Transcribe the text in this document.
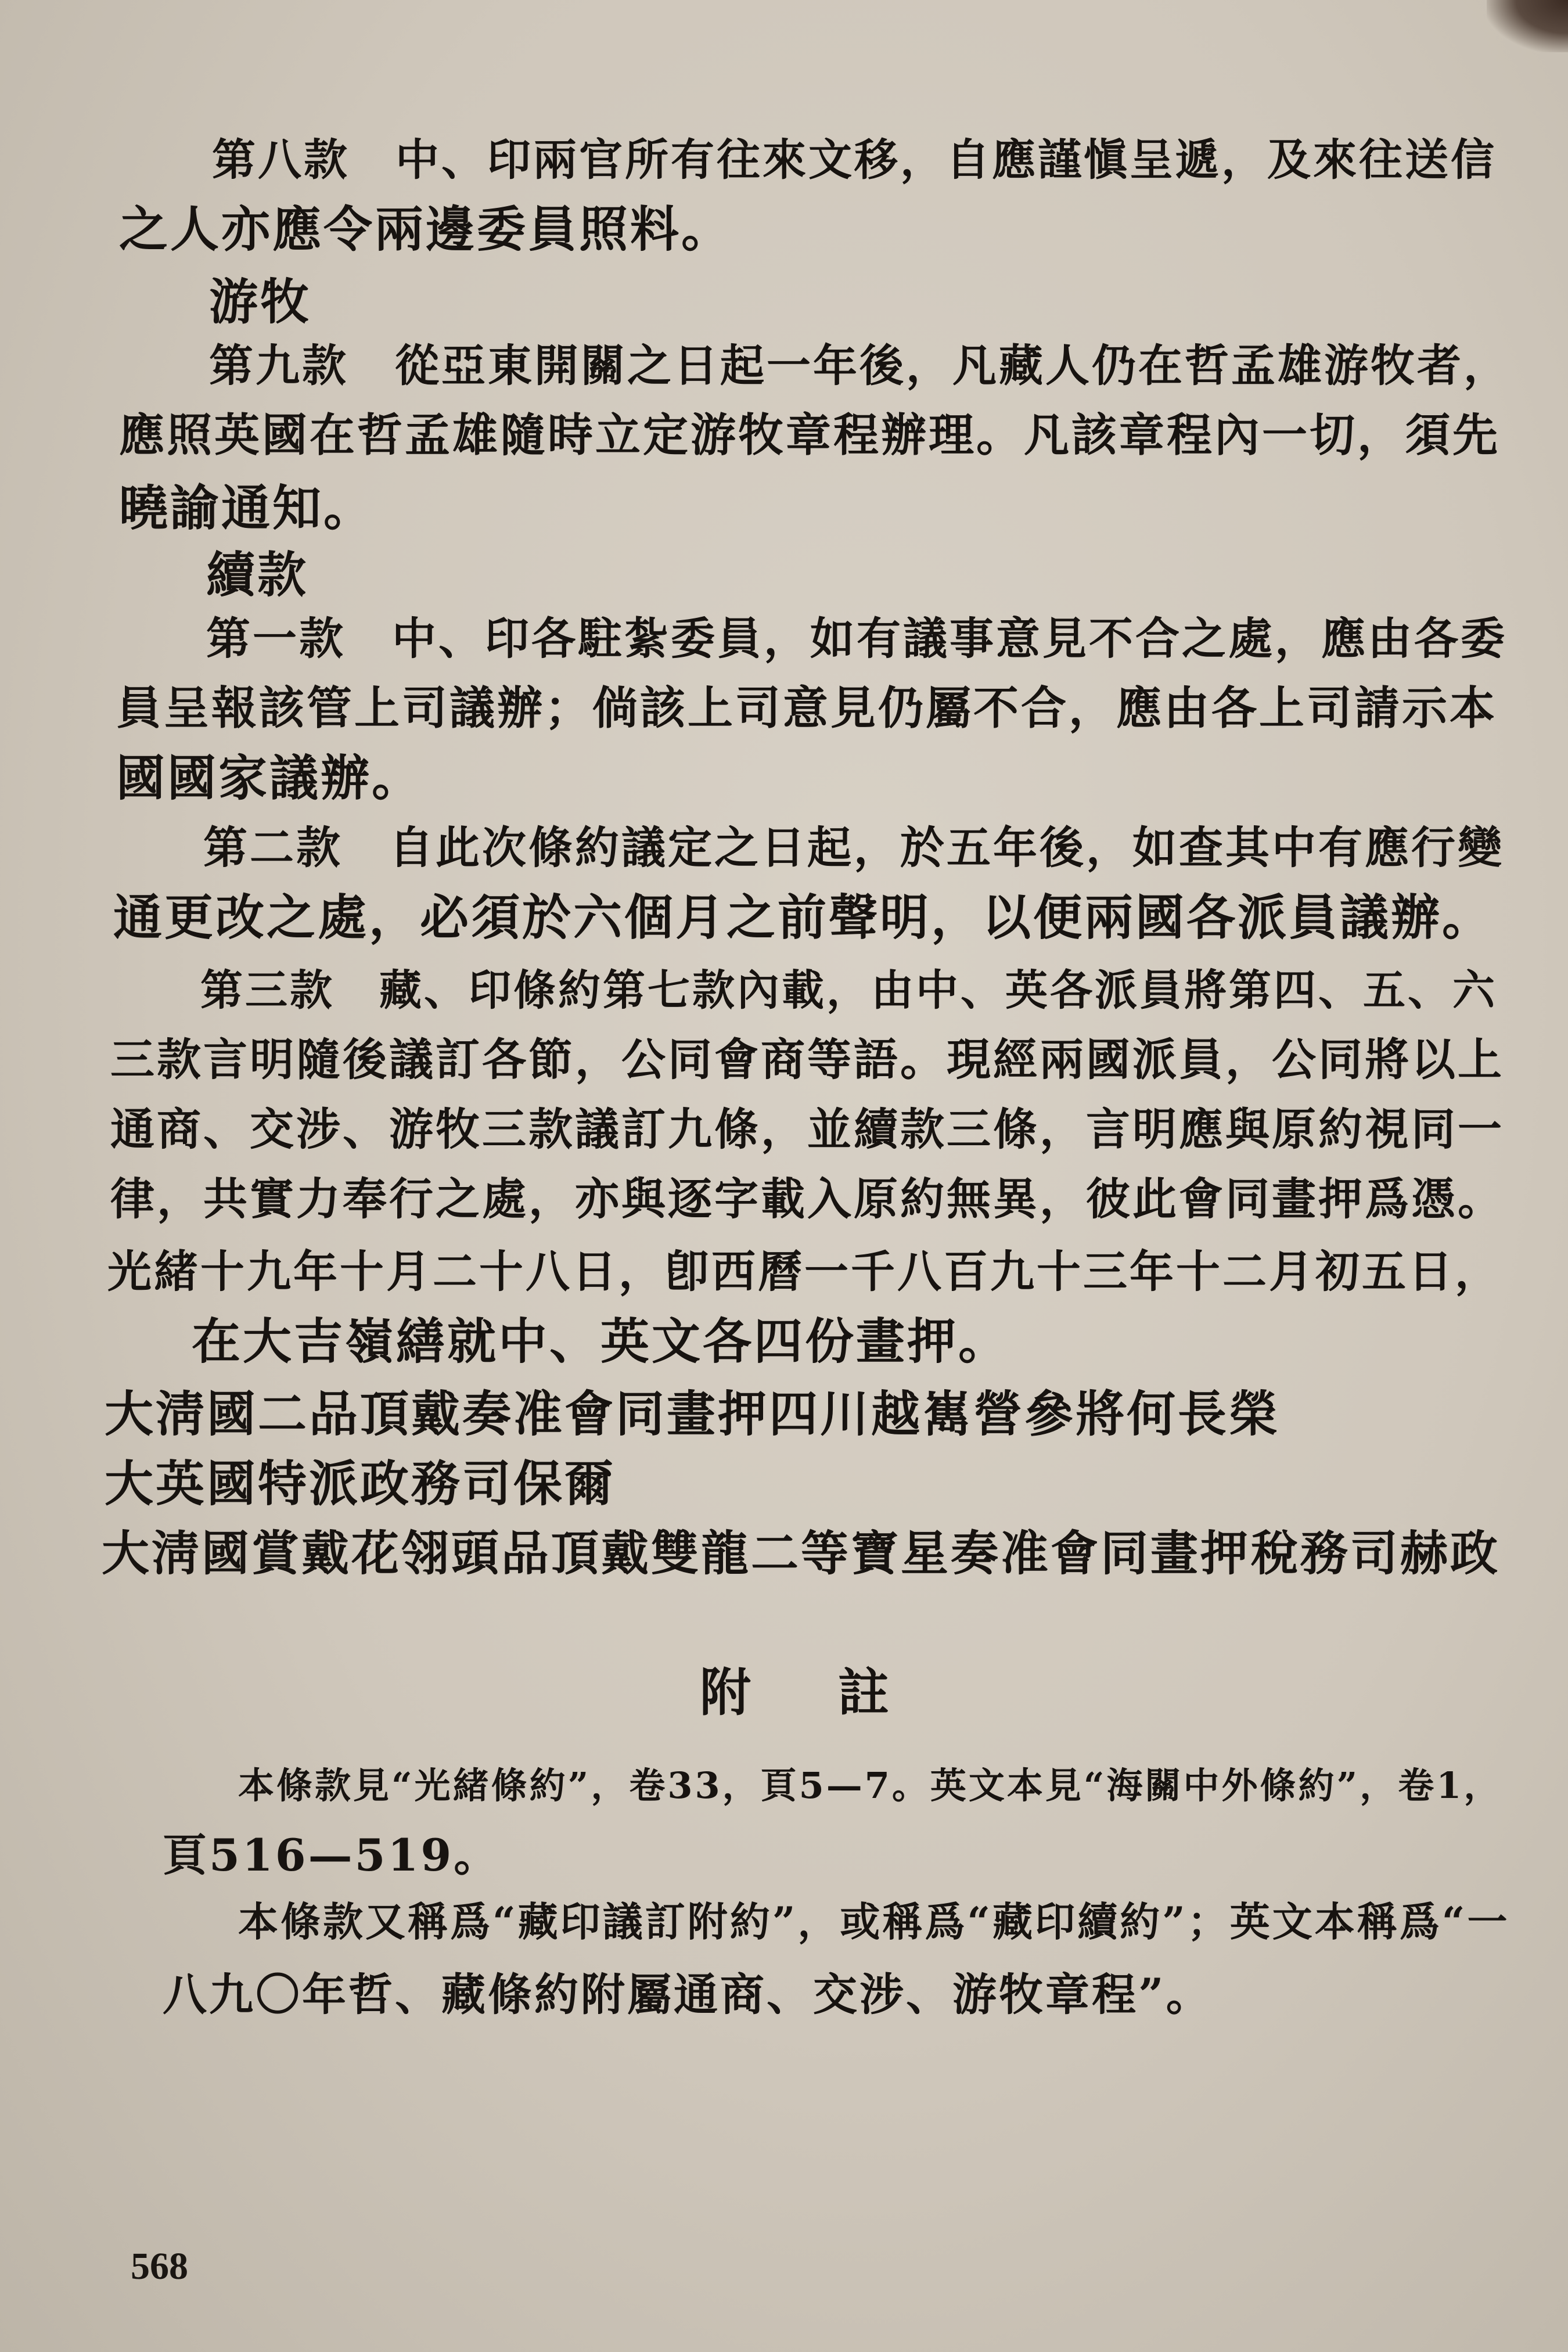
第八款　中、印兩官所有往來文移，自應謹愼呈遞，及來往送信
之人亦應令兩邊委員照料。
游牧
第九款　從亞東開關之日起一年後，凡藏人仍在哲孟雄游牧者，
應照英國在哲孟雄隨時立定游牧章程辦理。凡該章程內一切，須先
曉諭通知。
續款
第一款　中、印各駐紮委員，如有議事意見不合之處，應由各委
員呈報該管上司議辦；倘該上司意見仍屬不合，應由各上司請示本
國國家議辦。
第二款　自此次條約議定之日起，於五年後，如查其中有應行變
通更改之處，必須於六個月之前聲明，以便兩國各派員議辦。
第三款　藏、印條約第七款內載，由中、英各派員將第四、五、六
三款言明隨後議訂各節，公同會商等語。現經兩國派員，公同將以上
通商、交涉、游牧三款議訂九條，並續款三條，言明應與原約視同一
律，共實力奉行之處，亦與逐字載入原約無異，彼此會同畫押爲憑。
光緒十九年十月二十八日，卽西曆一千八百九十三年十二月初五日，
在大吉嶺繕就中、英文各四份畫押。
大淸國二品頂戴奏准會同畫押四川越嶲營參將何長榮
大英國特派政務司保爾
大淸國賞戴花翎頭品頂戴雙龍二等寶星奏准會同畫押稅務司赫政
附註
本條款見“光緒條約”，卷33，頁5—7。英文本見“海關中外條約”，卷1，
頁516—519。
本條款又稱爲“藏印議訂附約”，或稱爲“藏印續約”；英文本稱爲“一
八九〇年哲、藏條約附屬通商、交涉、游牧章程”。
568
